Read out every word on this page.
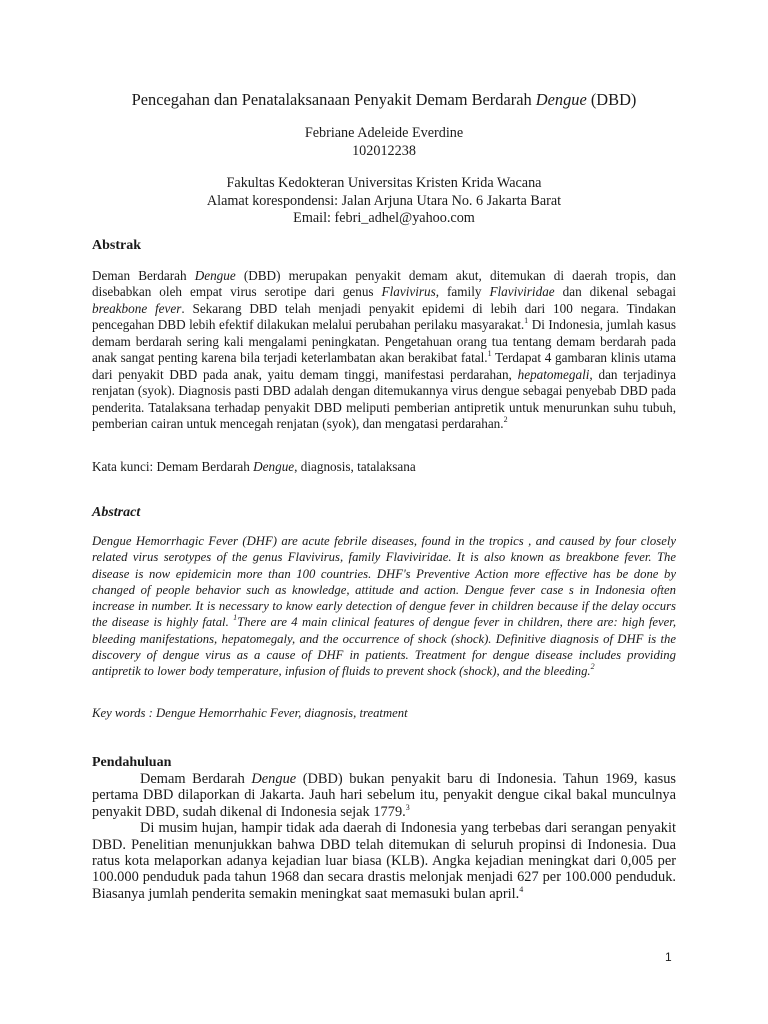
Pencegahan dan Penatalaksanaan Penyakit Demam Berdarah Dengue (DBD)
Febriane Adeleide Everdine
102012238
Fakultas Kedokteran Universitas Kristen Krida Wacana
Alamat korespondensi: Jalan Arjuna Utara No. 6 Jakarta Barat
Email: febri_adhel@yahoo.com
Abstrak
Deman Berdarah Dengue (DBD) merupakan penyakit demam akut, ditemukan di daerah tropis, dan disebabkan oleh empat virus serotipe dari genus Flavivirus, family Flaviviridae dan dikenal sebagai breakbone fever. Sekarang DBD telah menjadi penyakit epidemi di lebih dari 100 negara. Tindakan pencegahan DBD lebih efektif dilakukan melalui perubahan perilaku masyarakat.$^1$ Di Indonesia, jumlah kasus demam berdarah sering kali mengalami peningkatan. Pengetahuan orang tua tentang demam berdarah pada anak sangat penting karena bila terjadi keterlambatan akan berakibat fatal.$^1$ Terdapat 4 gambaran klinis utama dari penyakit DBD pada anak, yaitu demam tinggi, manifestasi perdarahan, hepatomegali, dan terjadinya renjatan (syok). Diagnosis pasti DBD adalah dengan ditemukannya virus dengue sebagai penyebab DBD pada penderita. Tatalaksana terhadap penyakit DBD meliputi pemberian antipretik untuk menurunkan suhu tubuh, pemberian cairan untuk mencegah renjatan (syok), dan mengatasi perdarahan.$^2$
Kata kunci: Demam Berdarah Dengue, diagnosis, tatalaksana
Abstract
Dengue Hemorrhagic Fever (DHF) are acute febrile diseases, found in the tropics , and caused by four closely related virus serotypes of the genus Flavivirus, family Flaviviridae. It is also known as breakbone fever. The disease is now epidemicin more than 100 countries. DHF's Preventive Action more effective has be done by changed of people behavior such as knowledge, attitude and action. Dengue fever case s in Indonesia often increase in number. It is necessary to know early detection of dengue fever in children because if the delay occurs the disease is highly fatal. $^1$There are 4 main clinical features of dengue fever in children, there are: high fever, bleeding manifestations, hepatomegaly, and the occurrence of shock (shock). Definitive diagnosis of DHF is the discovery of dengue virus as a cause of DHF in patients. Treatment for dengue disease includes providing antipretik to lower body temperature, infusion of fluids to prevent shock (shock), and the bleeding.$^2$
Key words : Dengue Hemorrhahic Fever, diagnosis, treatment
Pendahuluan
Demam Berdarah Dengue (DBD) bukan penyakit baru di Indonesia. Tahun 1969, kasus pertama DBD dilaporkan di Jakarta. Jauh hari sebelum itu, penyakit dengue cikal bakal munculnya penyakit DBD, sudah dikenal di Indonesia sejak 1779.$^3$
Di musim hujan, hampir tidak ada daerah di Indonesia yang terbebas dari serangan penyakit DBD. Penelitian menunjukkan bahwa DBD telah ditemukan di seluruh propinsi di Indonesia. Dua ratus kota melaporkan adanya kejadian luar biasa (KLB). Angka kejadian meningkat dari 0,005 per 100.000 penduduk pada tahun 1968 dan secara drastis melonjak menjadi 627 per 100.000 penduduk. Biasanya jumlah penderita semakin meningkat saat memasuki bulan april.$^4$
1
